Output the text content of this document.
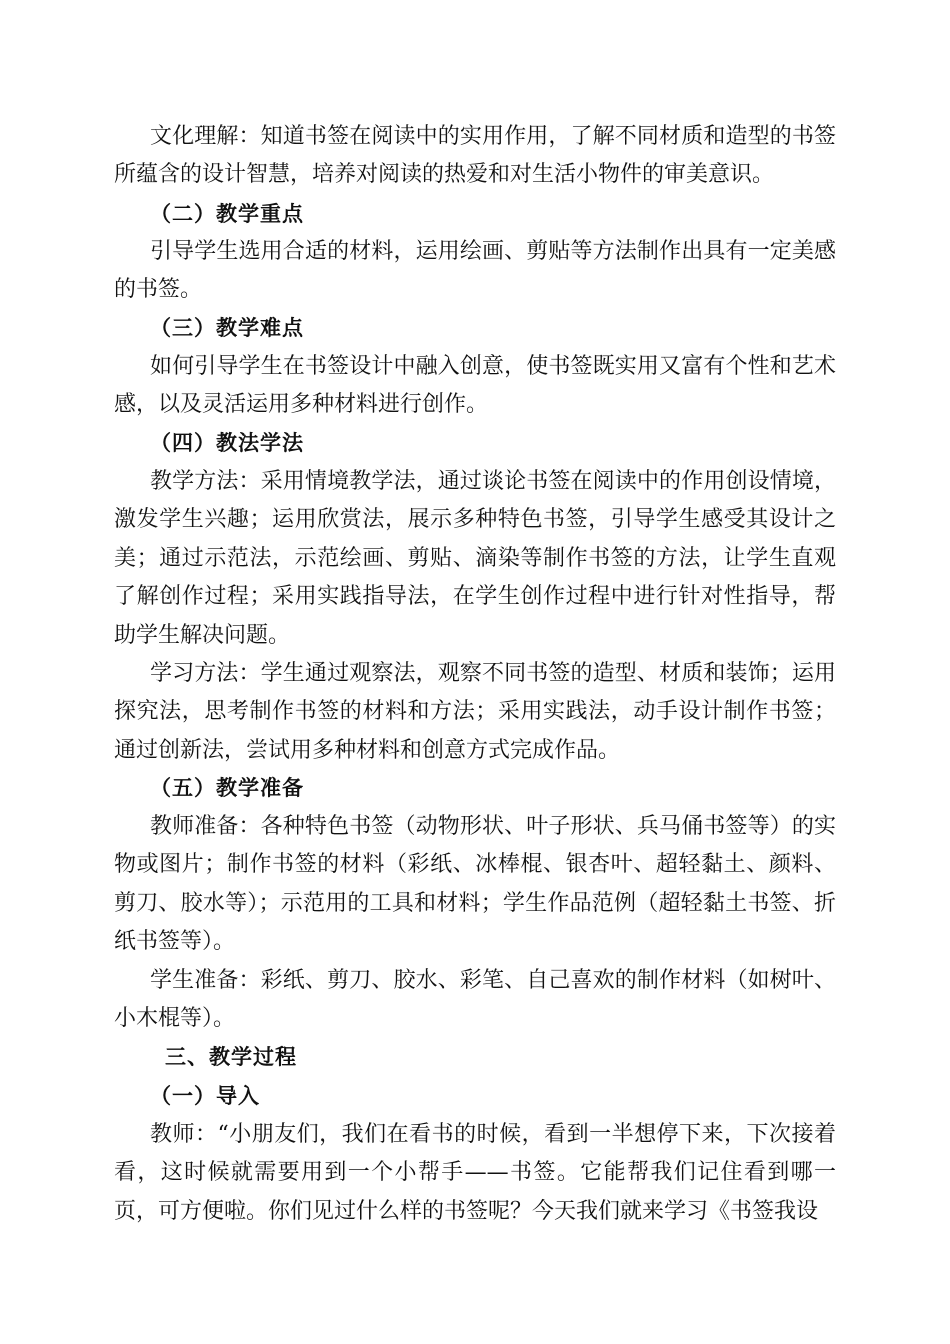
文化理解：知道书签在阅读中的实用作用，了解不同材质和造型的书签所蕴含的设计智慧，培养对阅读的热爱和对生活小物件的审美意识。

（二）教学重点

引导学生选用合适的材料，运用绘画、剪贴等方法制作出具有一定美感的书签。

（三）教学难点

如何引导学生在书签设计中融入创意，使书签既实用又富有个性和艺术感，以及灵活运用多种材料进行创作。

（四）教法学法

教学方法：采用情境教学法，通过谈论书签在阅读中的作用创设情境，激发学生兴趣；运用欣赏法，展示多种特色书签，引导学生感受其设计之美；通过示范法，示范绘画、剪贴、滴染等制作书签的方法，让学生直观了解创作过程；采用实践指导法，在学生创作过程中进行针对性指导，帮助学生解决问题。

学习方法：学生通过观察法，观察不同书签的造型、材质和装饰；运用探究法，思考制作书签的材料和方法；采用实践法，动手设计制作书签；通过创新法，尝试用多种材料和创意方式完成作品。

（五）教学准备

教师准备：各种特色书签（动物形状、叶子形状、兵马俑书签等）的实物或图片；制作书签的材料（彩纸、冰棒棍、银杏叶、超轻黏土、颜料、剪刀、胶水等）；示范用的工具和材料；学生作品范例（超轻黏土书签、折纸书签等）。

学生准备：彩纸、剪刀、胶水、彩笔、自己喜欢的制作材料（如树叶、小木棍等）。

三、教学过程
（一）导入

教师：“小朋友们，我们在看书的时候，看到一半想停下来，下次接着看，这时候就需要用到一个小帮手——书签。它能帮我们记住看到哪一页，可方便啦。你们见过什么样的书签呢？今天我们就来学习《书签我设
